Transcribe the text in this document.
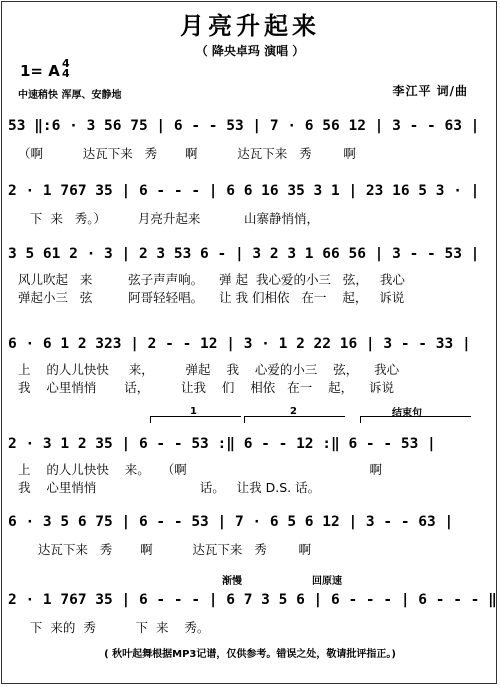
月亮升起来
（ 降央卓玛 演唱 ）
1= A 4
4
中速稍快 浑厚、安静地	李江平 词/曲
53 ‖:6 · 3 56 75 | 6 - - 53 | 7 · 6 56 12 | 3 - - 63 |
（啊          达瓦下来   秀       啊          达瓦下来   秀        啊
2 · 1 767 35 | 6 - - - | 6 6 16 35 3 1 | 23 16 5 3 · |
下  来   秀。）        月亮升起来           山寨静悄悄，
3 5 61 2 · 3 | 2 3 53 6 - | 3 2 3 1 66 56 | 3 - - 53 |
风儿吹起   来         弦子声声响。    弹 起  我心爱的小三   弦，   我心
弹起小三   弦         阿哥轻轻唱。    让 我 们相依   在一    起，   诉说
6 · 6 1 2 323 | 2 - - 12 | 3 · 1 2 22 16 | 3 - - 33 |
上    的人儿快快     来，        弹起    我    心爱的小三    弦，    我心
我    心里悄悄       话，        让我    们    相依   在一    起，    诉说
1	2	结束句
2 · 3 1 2 35 | 6 - - 53 :‖ 6 - - 12 :‖ 6 - - 53 |
上    的人儿快快    来。   （啊                                              啊
我    心里悄悄                          话。   让我 D.S. 话。
6 · 3 5 6 75 | 6 - - 53 | 7 · 6 5 6 12 | 3 - - 63 |
达瓦下来   秀       啊          达瓦下来   秀        啊
渐慢	回原速
2 · 1 767 35 | 6 - - - | 6 7 3 5 6 | 6 - - - | 6 - - - ‖
下  来的  秀          下  来    秀。
( 秋叶起舞根据MP3记谱，仅供参考。错误之处，敬请批评指正。)
